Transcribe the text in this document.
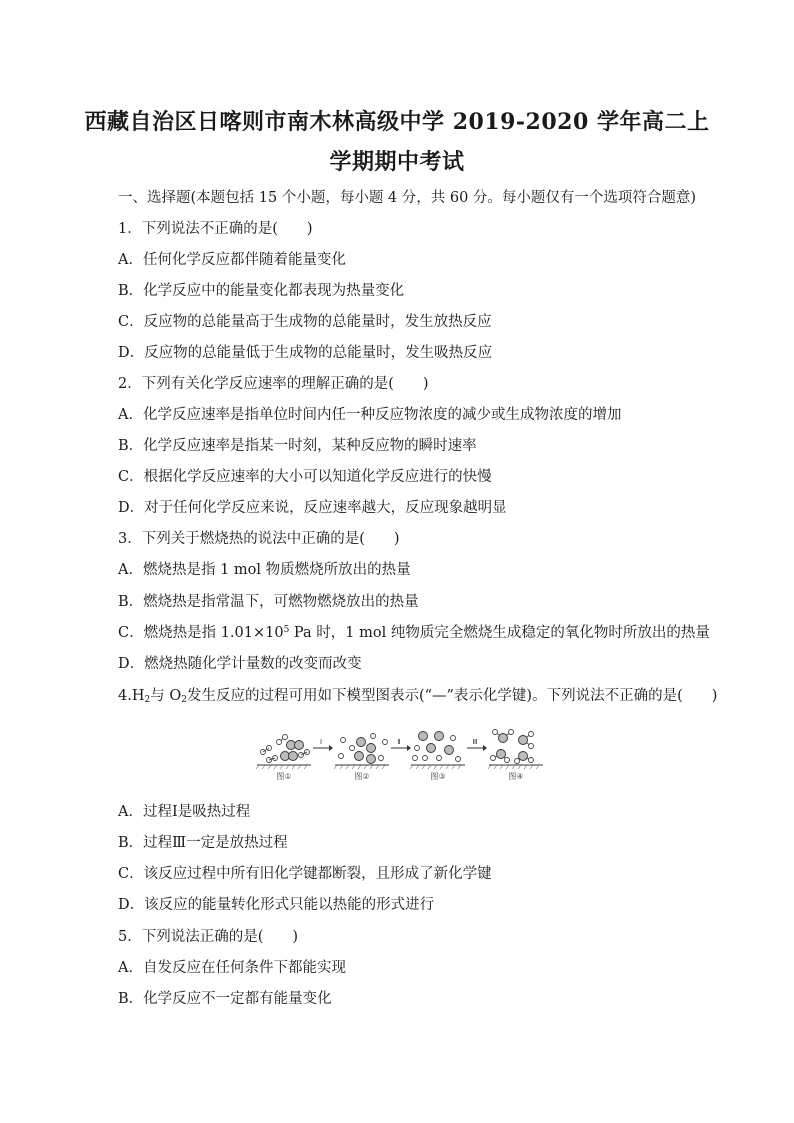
西藏自治区日喀则市南木林高级中学 2019-2020 学年高二上
学期期中考试
一、选择题(本题包括 15 个小题，每小题 4 分，共 60 分。每小题仅有一个选项符合题意)
1．下列说法不正确的是(　　)
A．任何化学反应都伴随着能量变化
B．化学反应中的能量变化都表现为热量变化
C．反应物的总能量高于生成物的总能量时，发生放热反应
D．反应物的总能量低于生成物的总能量时，发生吸热反应
2．下列有关化学反应速率的理解正确的是(　　)
A．化学反应速率是指单位时间内任一种反应物浓度的减少或生成物浓度的增加
B．化学反应速率是指某一时刻，某种反应物的瞬时速率
C．根据化学反应速率的大小可以知道化学反应进行的快慢
D．对于任何化学反应来说，反应速率越大，反应现象越明显
3．下列关于燃烧热的说法中正确的是(　　)
A．燃烧热是指 1 mol 物质燃烧所放出的热量
B．燃烧热是指常温下，可燃物燃烧放出的热量
C．燃烧热是指 $1.01\times 10^5$ Pa 时，1 mol 纯物质完全燃烧生成稳定的氧化物时所放出的热量
D．燃烧热随化学计量数的改变而改变
$4.H_2$与 $O_2$发生反应的过程可用如下模型图表示(“—”表示化学键)。下列说法不正确的是(　　)
图①
Ⅰ
图②
Ⅱ
图③
Ⅲ
图④
A．过程Ⅰ是吸热过程
B．过程Ⅲ一定是放热过程
C．该反应过程中所有旧化学键都断裂，且形成了新化学键
D．该反应的能量转化形式只能以热能的形式进行
5．下列说法正确的是(　　)
A．自发反应在任何条件下都能实现
B．化学反应不一定都有能量变化
